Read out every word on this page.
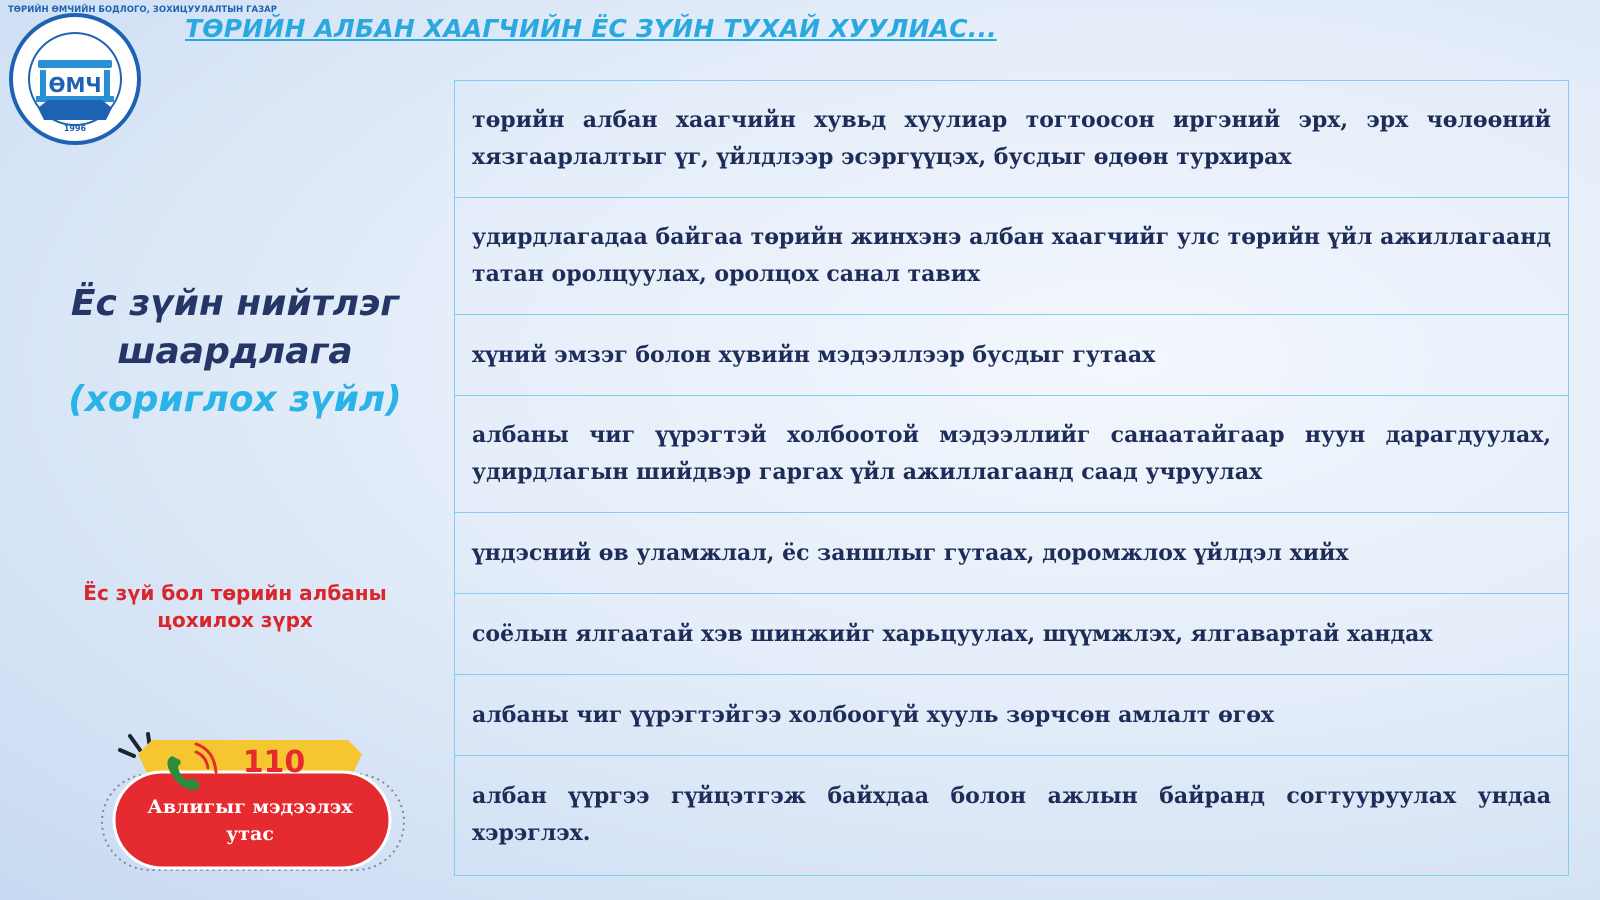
ТӨРИЙН ӨМЧИЙН БОДЛОГО, ЗОХИЦУУЛАЛТЫН ГАЗАР
ӨМЧ
1996
ТӨРИЙН АЛБАН ХААГЧИЙН ЁС ЗҮЙН ТУХАЙ ХУУЛИАС...
Ёс зүйн нийтлэг
шаардлага
(хориглох зүйл)
Ёс зүй бол төрийн албаны цохилох зүрх
110
Авлигыг мэдээлэх
утас
төрийн албан хаагчийн хувьд хуулиар тогтоосон иргэний эрх, эрх чөлөөний хязгаарлалтыг үг, үйлдлээр эсэргүүцэх, бусдыг өдөөн турхирах
удирдлагадаа байгаа төрийн жинхэнэ албан хаагчийг улс төрийн үйл ажиллагаанд татан оролцуулах, оролцох санал тавих
хүний эмзэг болон хувийн мэдээллээр бусдыг гутаах
албаны чиг үүрэгтэй холбоотой мэдээллийг санаатайгаар нуун дарагдуулах, удирдлагын шийдвэр гаргах үйл ажиллагаанд саад учруулах
үндэсний өв уламжлал, ёс заншлыг гутаах, доромжлох үйлдэл хийх
соёлын ялгаатай хэв шинжийг харьцуулах, шүүмжлэх, ялгавартай хандах
албаны чиг үүрэгтэйгээ холбоогүй хууль зөрчсөн амлалт өгөх
албан үүргээ гүйцэтгэж байхдаа болон ажлын байранд согтууруулах ундаа хэрэглэх.
